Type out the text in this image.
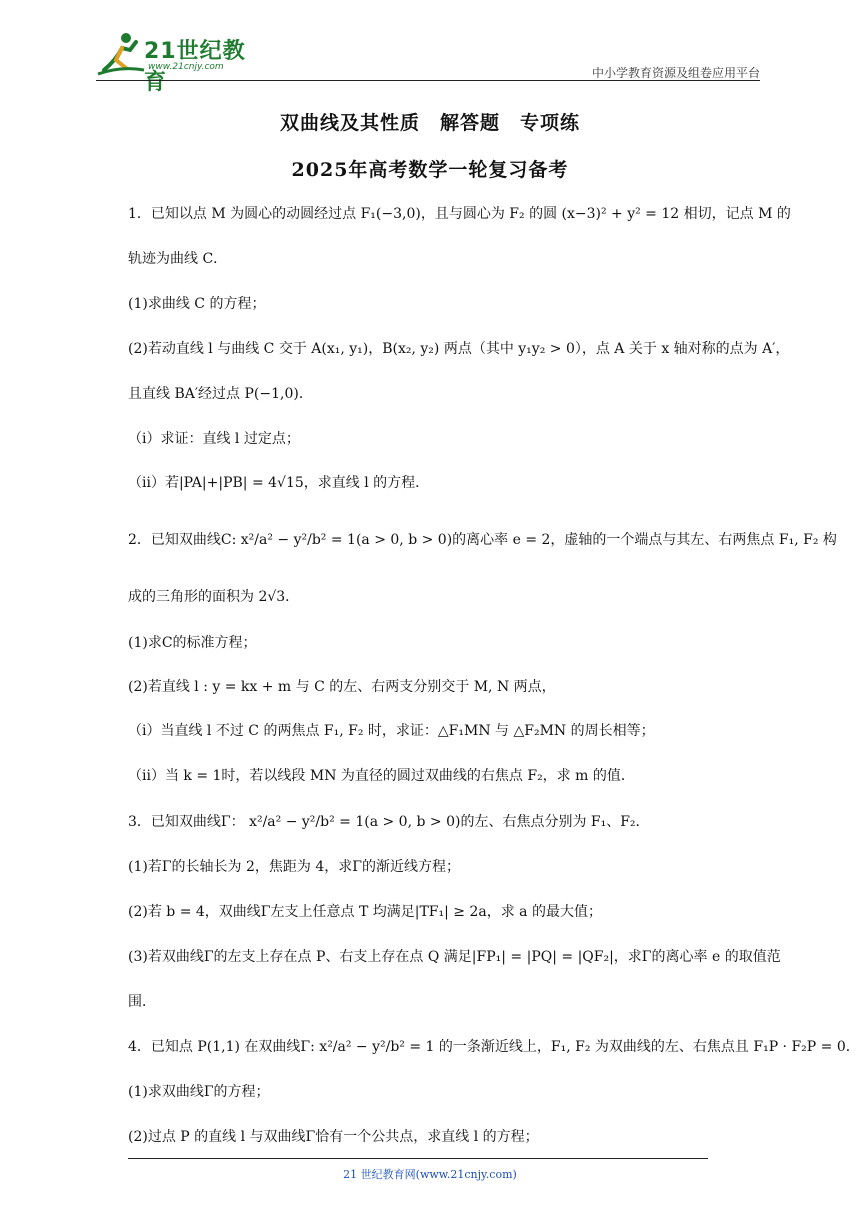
21世纪教育
www.21cnjy.com	中小学教育资源及组卷应用平台
双曲线及其性质　解答题　专项练
2025年高考数学一轮复习备考
1．已知以点 M 为圆心的动圆经过点 F₁(−3,0)，且与圆心为 F₂ 的圆 (x−3)² + y² = 12 相切，记点 M 的
轨迹为曲线 C．
(1)求曲线 C 的方程；
(2)若动直线 l 与曲线 C 交于 A(x₁, y₁)，B(x₂, y₂) 两点（其中 y₁y₂ > 0），点 A 关于 x 轴对称的点为 A′，
且直线 BA′经过点 P(−1,0)．
（ⅰ）求证：直线 l 过定点；
（ⅱ）若|PA|+|PB| = 4√15，求直线 l 的方程．
2．已知双曲线C: x²/a² − y²/b² = 1(a > 0, b > 0)的离心率 e = 2，虚轴的一个端点与其左、右两焦点 F₁, F₂ 构
成的三角形的面积为 2√3．
(1)求C的标准方程；
(2)若直线 l : y = kx + m 与 C 的左、右两支分别交于 M, N 两点，
（i）当直线 l 不过 C 的两焦点 F₁, F₂ 时，求证：△F₁MN 与 △F₂MN 的周长相等；
（ii）当 k = 1时，若以线段 MN 为直径的圆过双曲线的右焦点 F₂，求 m 的值．
3．已知双曲线Γ： x²/a² − y²/b² = 1(a > 0, b > 0)的左、右焦点分别为 F₁、F₂．
(1)若Γ的长轴长为 2，焦距为 4，求Γ的渐近线方程；
(2)若 b = 4，双曲线Γ左支上任意点 T 均满足|TF₁| ≥ 2a，求 a 的最大值；
(3)若双曲线Γ的左支上存在点 P、右支上存在点 Q 满足|FP₁| = |PQ| = |QF₂|，求Γ的离心率 e 的取值范
围．
4．已知点 P(1,1) 在双曲线Γ: x²/a² − y²/b² = 1 的一条渐近线上，F₁, F₂ 为双曲线的左、右焦点且 F₁P · F₂P = 0．
(1)求双曲线Γ的方程；
(2)过点 P 的直线 l 与双曲线Γ恰有一个公共点，求直线 l 的方程；
21 世纪教育网(www.21cnjy.com)
